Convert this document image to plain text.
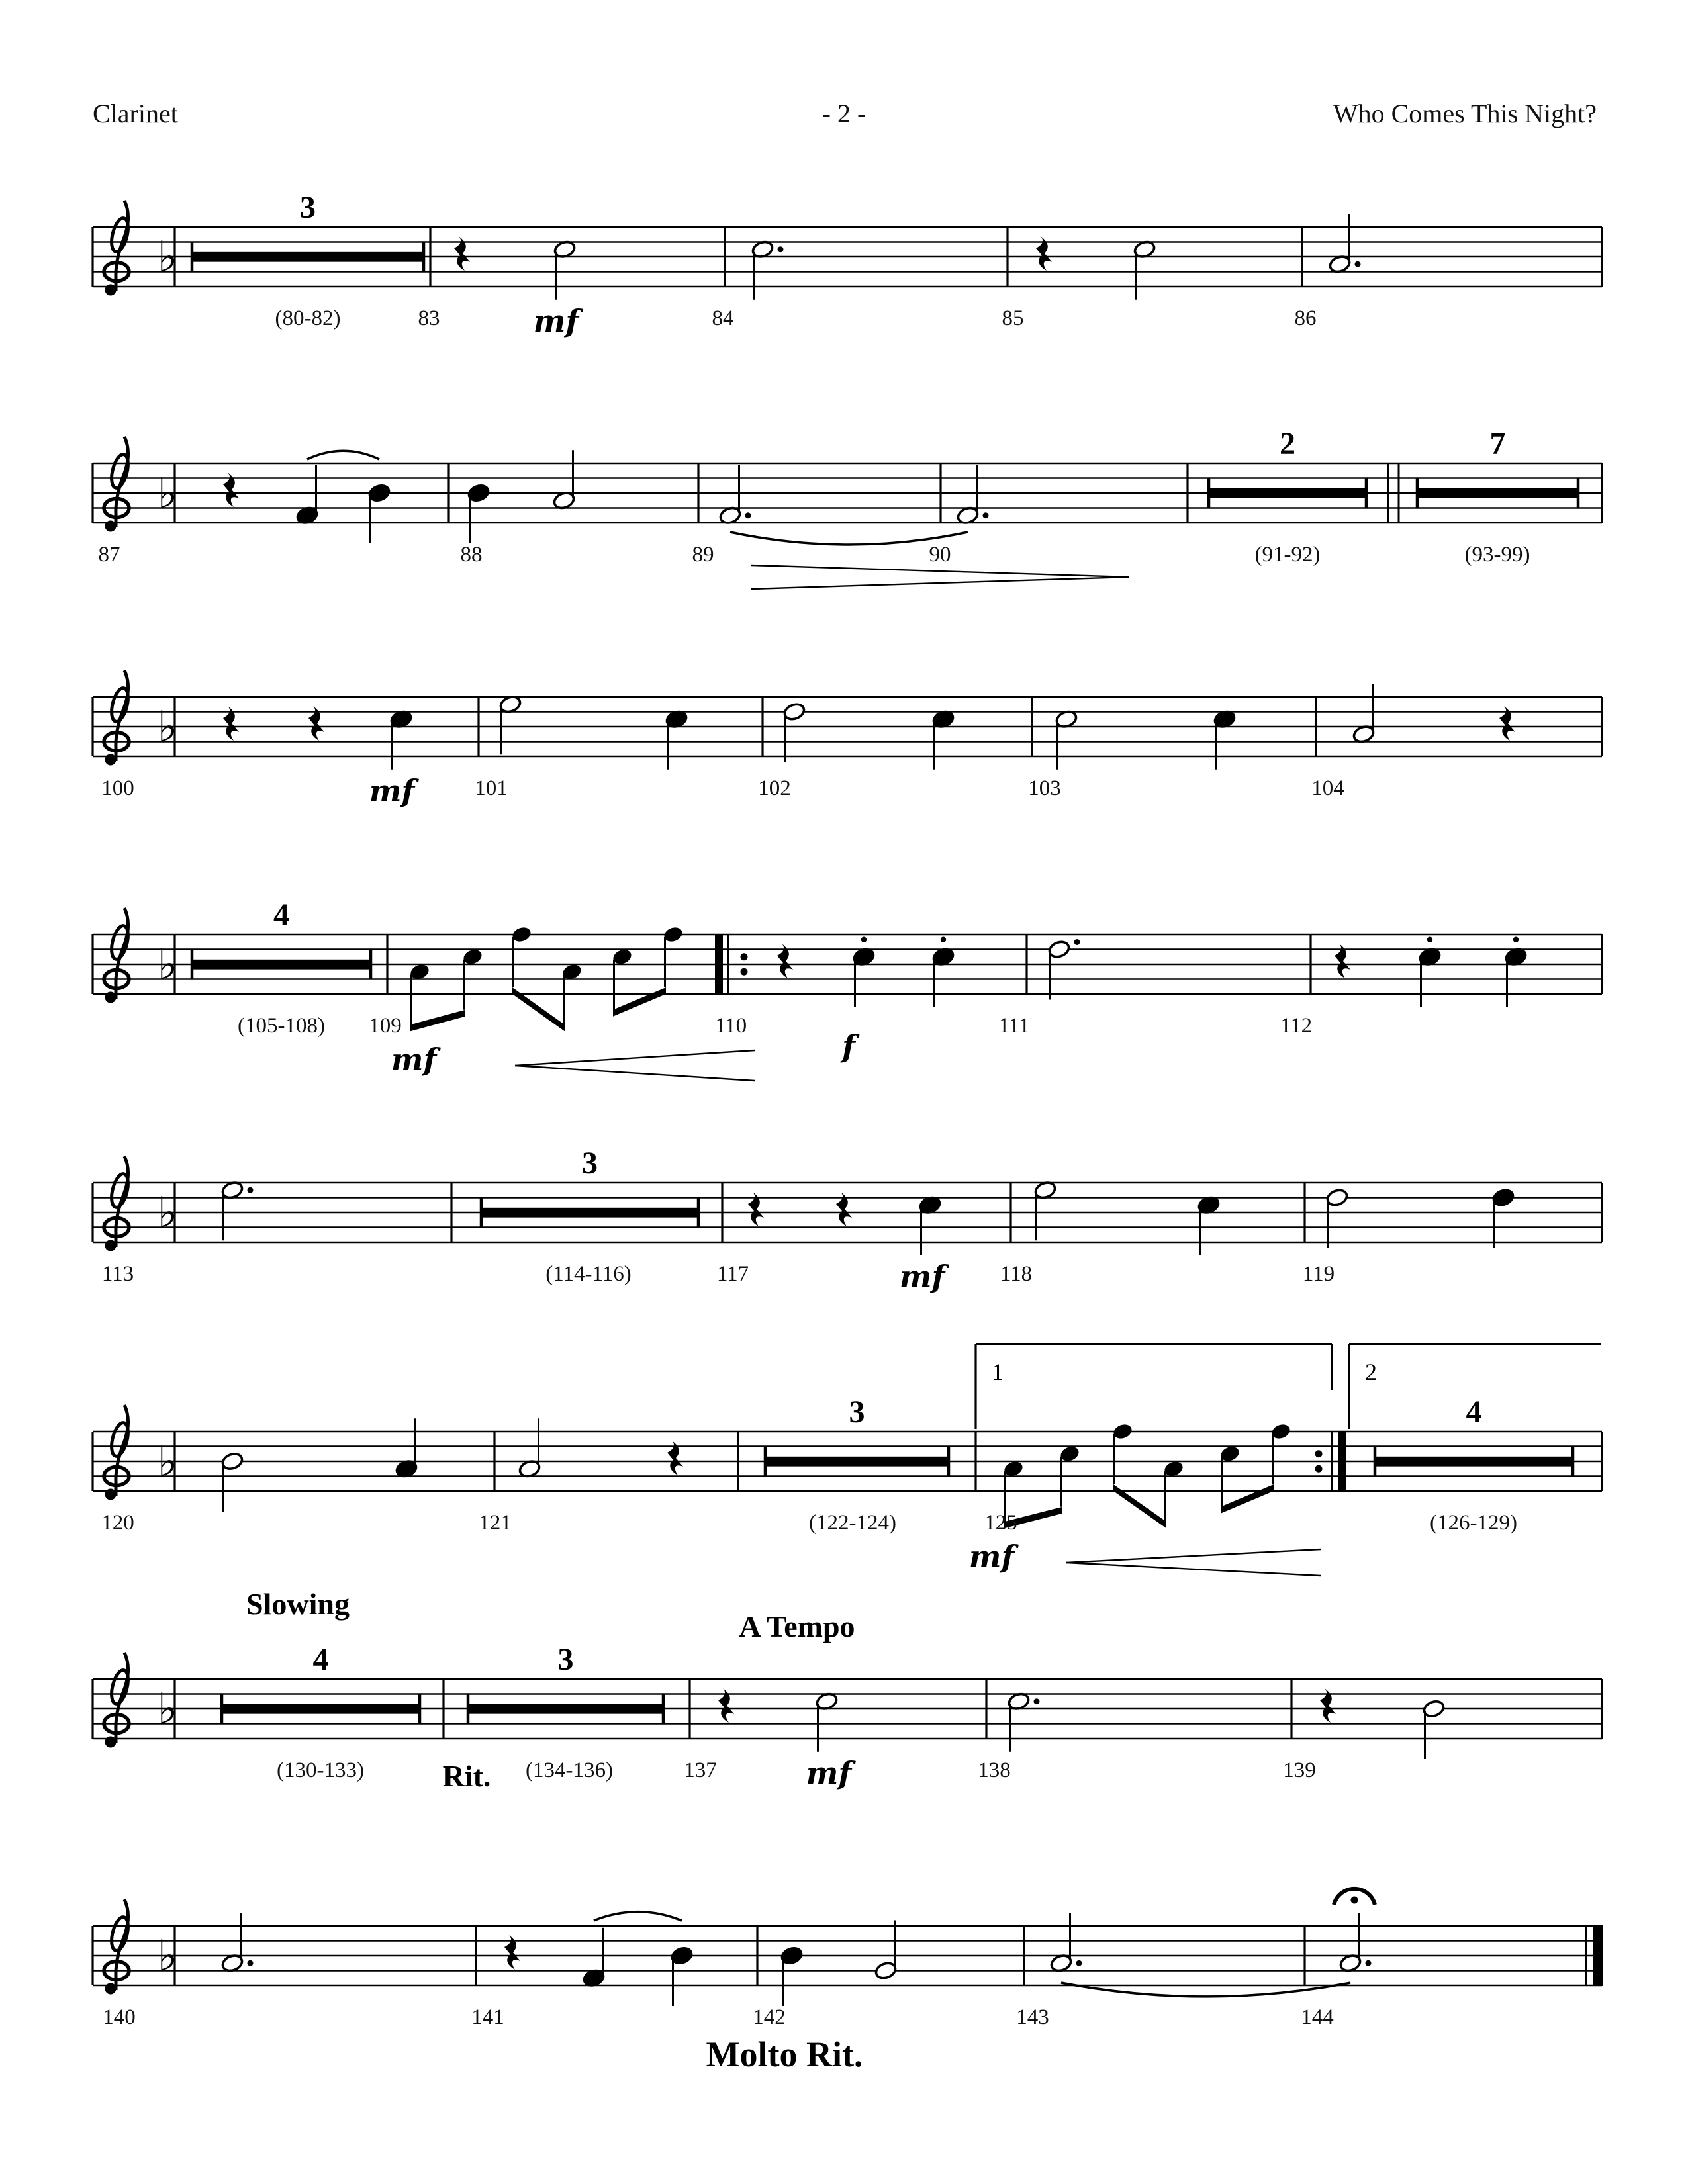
Clarinet	- 2 -	Who Comes This Night?
♭
3
(80-82)	83	84	85	86
mf
♭
2
(91-92)
7
(93-99)
87	88	89	90
♭
100	101	102	103	104
mf
♭
4
(105-108) 109	110	111	112
mf	f
♭
3
(114-116)
113	117	118	119
mf
♭
3
(122-124)
4
(126-129)
1	2
120	121	125
mf
♭
4
(130-133)
3
(134-136)	137	138	139
mf
Slowing
A Tempo
Rit.
♭
140	141	142	143	144
Molto Rit.
